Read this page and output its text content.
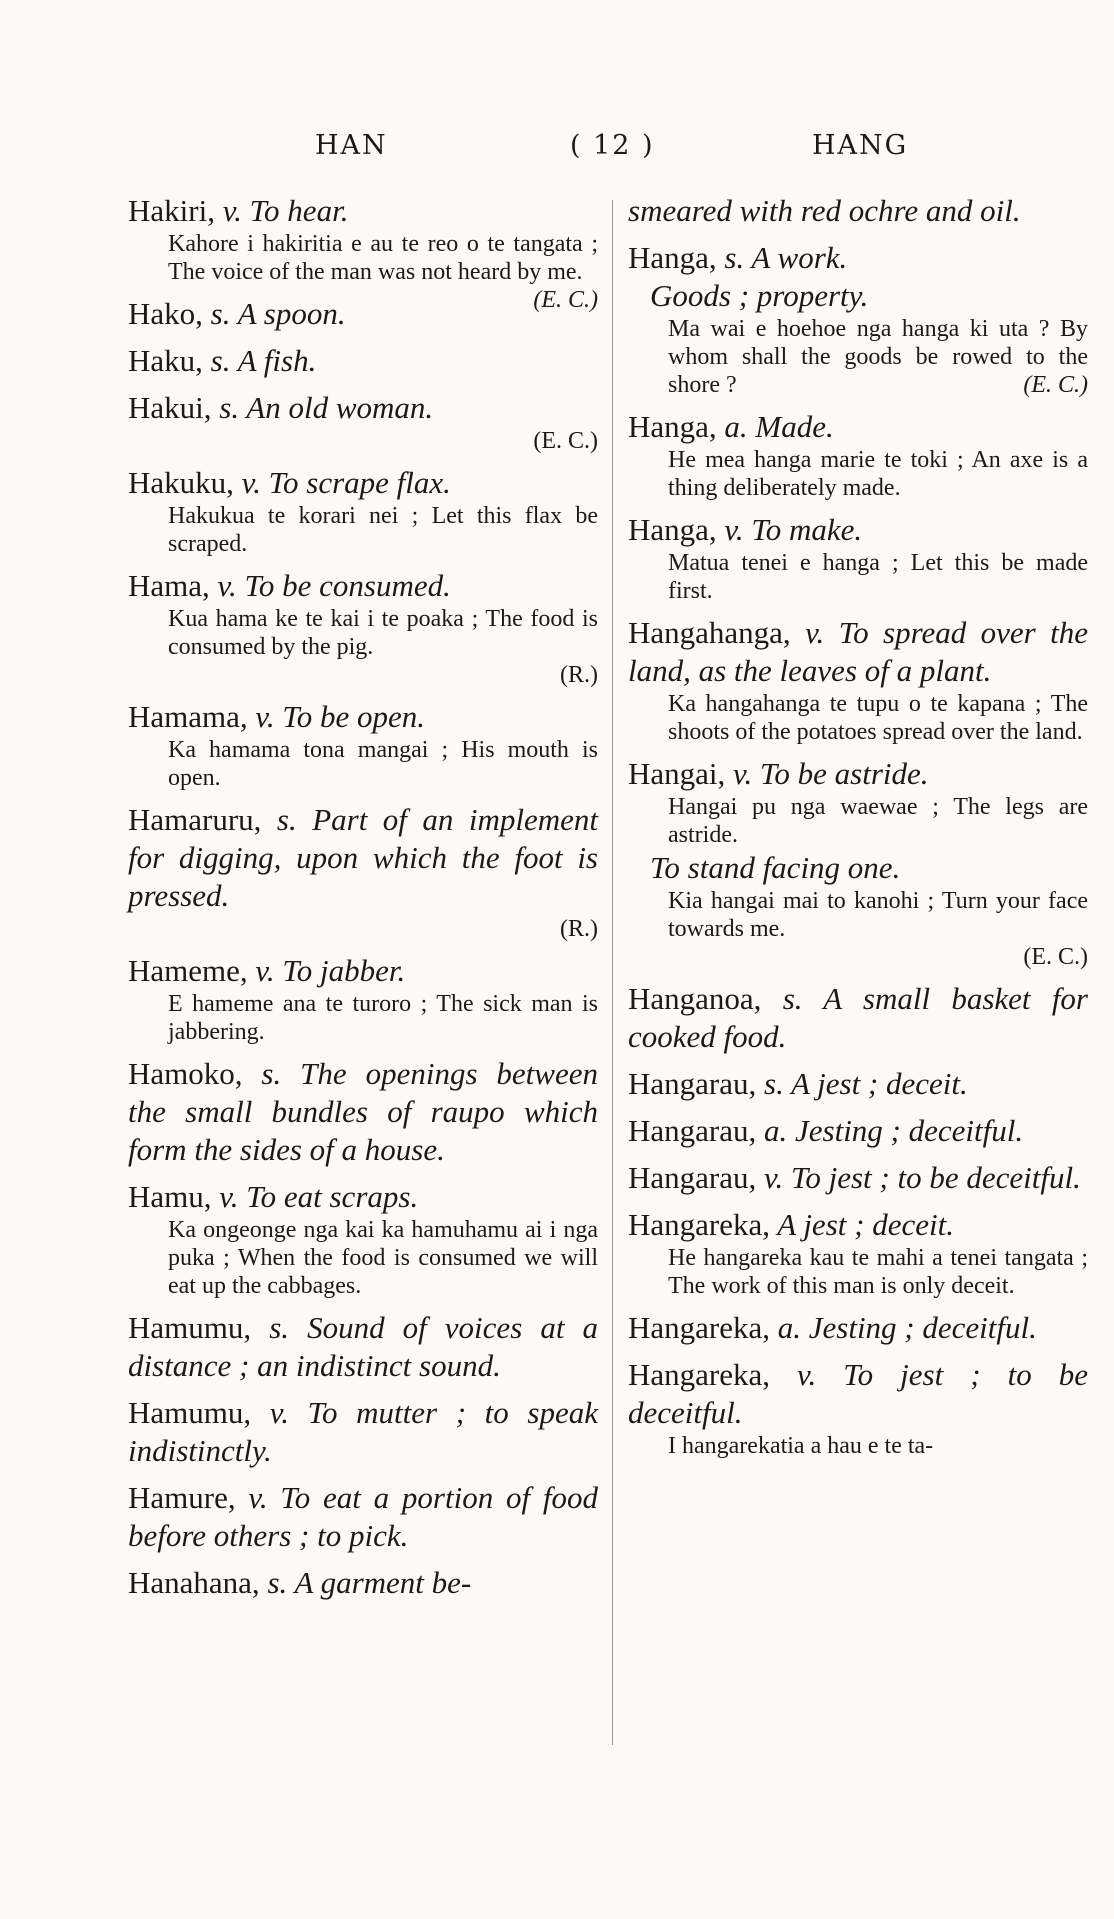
HAN	( 12 )	HANG
Hakiri, v. To hear.
Kahore i hakiritia e au te reo o te tangata ; The voice of the man was not heard by me.
(E. C.)
Hako, s. A spoon.
Haku, s. A fish.
Hakui, s. An old woman.
(E. C.)
Hakuku, v. To scrape flax.
Hakukua te korari nei ; Let this flax be scraped.
Hama, v. To be consumed.
Kua hama ke te kai i te poaka ; The food is consumed by the pig.
(R.)
Hamama, v. To be open.
Ka hamama tona mangai ; His mouth is open.
Hamaruru, s. Part of an implement for digging, upon which the foot is pressed.
(R.)
Hameme, v. To jabber.
E hameme ana te turoro ; The sick man is jabbering.
Hamoko, s. The openings between the small bundles of raupo which form the sides of a house.
Hamu, v. To eat scraps.
Ka ongeonge nga kai ka hamuhamu ai i nga puka ; When the food is consumed we will eat up the cabbages.
Hamumu, s. Sound of voices at a distance ; an indistinct sound.
Hamumu, v. To mutter ; to speak indistinctly.
Hamure, v. To eat a portion of food before others ; to pick.
Hanahana, s. A garment be-
smeared with red ochre and oil.
Hanga, s. A work.
Goods ; property.
Ma wai e hoehoe nga hanga ki uta ? By whom shall the goods be rowed to the shore ?	(E. C.)
Hanga, a. Made.
He mea hanga marie te toki ; An axe is a thing deliberately made.
Hanga, v. To make.
Matua tenei e hanga ; Let this be made first.
Hangahanga, v. To spread over the land, as the leaves of a plant.
Ka hangahanga te tupu o te kapana ; The shoots of the potatoes spread over the land.
Hangai, v. To be astride.
Hangai pu nga waewae ; The legs are astride.
To stand facing one.
Kia hangai mai to kanohi ; Turn your face towards me.
(E. C.)
Hanganoa, s. A small basket for cooked food.
Hangarau, s. A jest ; deceit.
Hangarau, a. Jesting ; deceitful.
Hangarau, v. To jest ; to be deceitful.
Hangareka, A jest ; deceit.
He hangareka kau te mahi a tenei tangata ; The work of this man is only deceit.
Hangareka, a. Jesting ; deceitful.
Hangareka, v. To jest ; to be deceitful.
I hangarekatia a hau e te ta-
